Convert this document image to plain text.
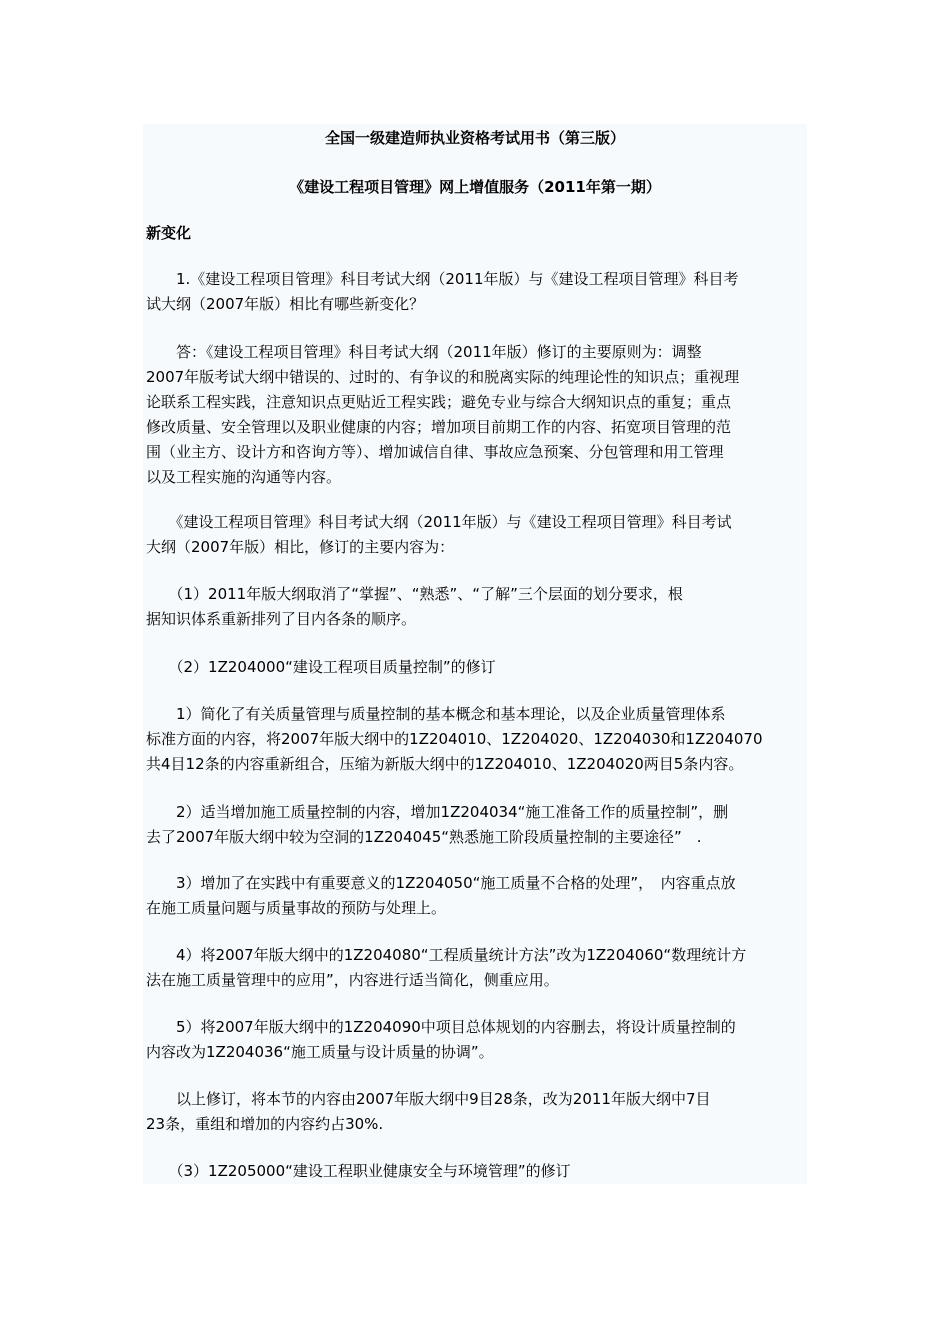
全国一级建造师执业资格考试用书（第三版）
《建设工程项目管理》网上增值服务（2011年第一期）
新变化
　　1.《建设工程项目管理》科目考试大纲（2011年版）与《建设工程项目管理》科目考
试大纲（2007年版）相比有哪些新变化？
　　答：《建设工程项目管理》科目考试大纲（2011年版）修订的主要原则为：调整
2007年版考试大纲中错误的、过时的、有争议的和脱离实际的纯理论性的知识点；重视理
论联系工程实践，注意知识点更贴近工程实践；避免专业与综合大纲知识点的重复；重点
修改质量、安全管理以及职业健康的内容；增加项目前期工作的内容、拓宽项目管理的范
围（业主方、设计方和咨询方等）、增加诚信自律、事故应急预案、分包管理和用工管理
以及工程实施的沟通等内容。
　　《建设工程项目管理》科目考试大纲（2011年版）与《建设工程项目管理》科目考试
大纲（2007年版）相比，修订的主要内容为：
　　（1）2011年版大纲取消了“掌握”、“熟悉”、“了解”三个层面的划分要求，根
据知识体系重新排列了目内各条的顺序。
　　（2）1Z204000“建设工程项目质量控制”的修订
　　1）简化了有关质量管理与质量控制的基本概念和基本理论，以及企业质量管理体系
标准方面的内容，将2007年版大纲中的1Z204010、1Z204020、1Z204030和1Z204070
共4目12条的内容重新组合，压缩为新版大纲中的1Z204010、1Z204020两目5条内容。
　　2）适当增加施工质量控制的内容，增加1Z204034“施工准备工作的质量控制”，删
去了2007年版大纲中较为空洞的1Z204045“熟悉施工阶段质量控制的主要途径”　.
　　3）增加了在实践中有重要意义的1Z204050“施工质量不合格的处理”，　内容重点放
在施工质量问题与质量事故的预防与处理上。
　　4）将2007年版大纲中的1Z204080“工程质量统计方法”改为1Z204060“数理统计方
法在施工质量管理中的应用”，内容进行适当简化，侧重应用。
　　5）将2007年版大纲中的1Z204090中项目总体规划的内容删去，将设计质量控制的
内容改为1Z204036“施工质量与设计质量的协调”。
　　以上修订，将本节的内容由2007年版大纲中9目28条，改为2011年版大纲中7目
23条，重组和增加的内容约占30%.
　　（3）1Z205000“建设工程职业健康安全与环境管理”的修订
